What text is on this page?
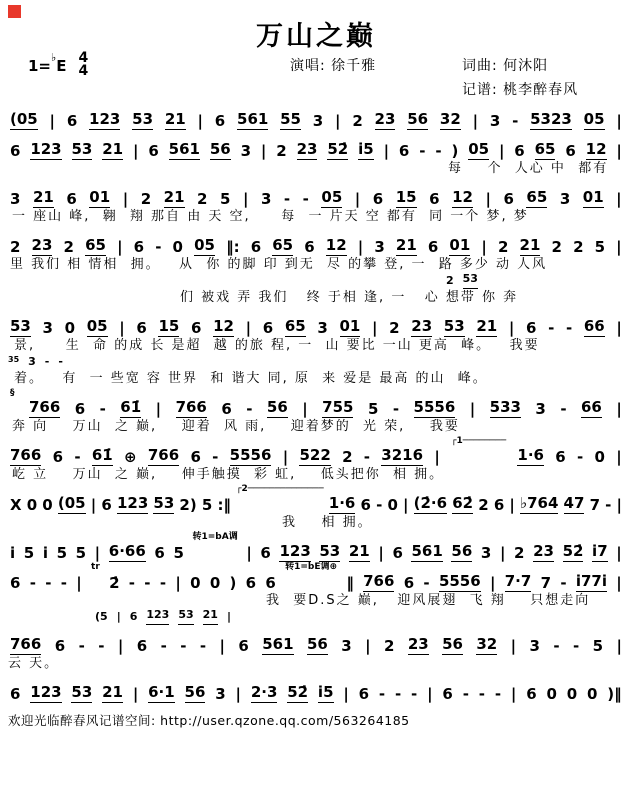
万山之巅
1=♭E 4
4	演唱: 徐千雅	词曲: 何沐阳
记谱: 桃李醉春风
(05 | 6 123 53 21 | 6 561 55 3 | 2 23 56 32 | 3 - 5323 05 |
6 123 53 21 | 6 561 56 3 | 2 23 52̇ i5 | 6 - - ) 05 | 6 65 6 12 |
每    个  人心 中  都有
3 21 6 01 | 2 21 2 5 | 3 - - 05 | 6 15 6 12 | 6 65 3 01 |
一 座山 峰,  翱  翔 那自 由 天 空,     每  一 片天 空 都有  同 一个 梦, 梦
2 23 2 65 | 6 - 0 05 ‖: 6 65 6 12 | 3 21 6 01 | 2 21 2 2 5 |
里 我们 相 情相  拥。   从  你 的脚 印 到无  尽 的攀 登, 一  路 多少 动 人风
2 53
们 被戏 弄 我们   终 于相 逢, 一   心 想带 你 奔
53 3 0 05 | 6 15 6 12 | 6 65 3 01 | 2 23 53 21 | 6 - - 66 |
景,     生  命 的成 长 是超  越 的旅 程, 一  山 要比 一山 更高  峰。   我要
35 3 - -
着。   有  一 些宽 容 世界  和 谐大 同, 原  来 爱是 最高 的山  峰。
§
766 6 - 61̇ | 766 6 - 56 | 755 5 - 5556 | 533 3 - 66 |
奔 向    万山  之 巅,    迎着  风 雨,    迎着梦的  光 荣,    我要
766 6 - 61̇ ⊕ 766 6 - 5556 | 522 2 - 3216 |
┌1────────
1·6 6 - 0 |
屹 立    万山  之 巅,    伸手触摸  彩 虹,    低头把你  相 拥。
X 0 0 (05 | 6 123 53 2) 5 :‖
┌2──────────────
1·6 6 - 0 | (2̇·6 62̇ 2 6 | ♭764 47 7 - |
我    相 拥。
i 5 i 5 5 | 6·66 6 5
转1=bA调
| 6 123 53 21 | 6 561 56 3 | 2 23 52̇ i7 |
6 - - - |
tr
2̇ - - - | 0 0 ) 6 6
转1=bE调⊕
‖ 766 6 - 5556 | 7·7 7 - i77i |
我  要D.S之 巅,   迎风展翅  飞 翔    只想走向
(5 | 6 123 53 21 |
766 6 - - | 6 - - - | 6 561 56 3 | 2 23 56 32 | 3 - - 5 |
云 天。
6 123 53 21 | 6·1 56 3 | 2·3 52̇ i5 | 6 - - - | 6 - - - | 6 0 0 0 )‖
欢迎光临醉春风记谱空间: http://user.qzone.qq.com/563264185
